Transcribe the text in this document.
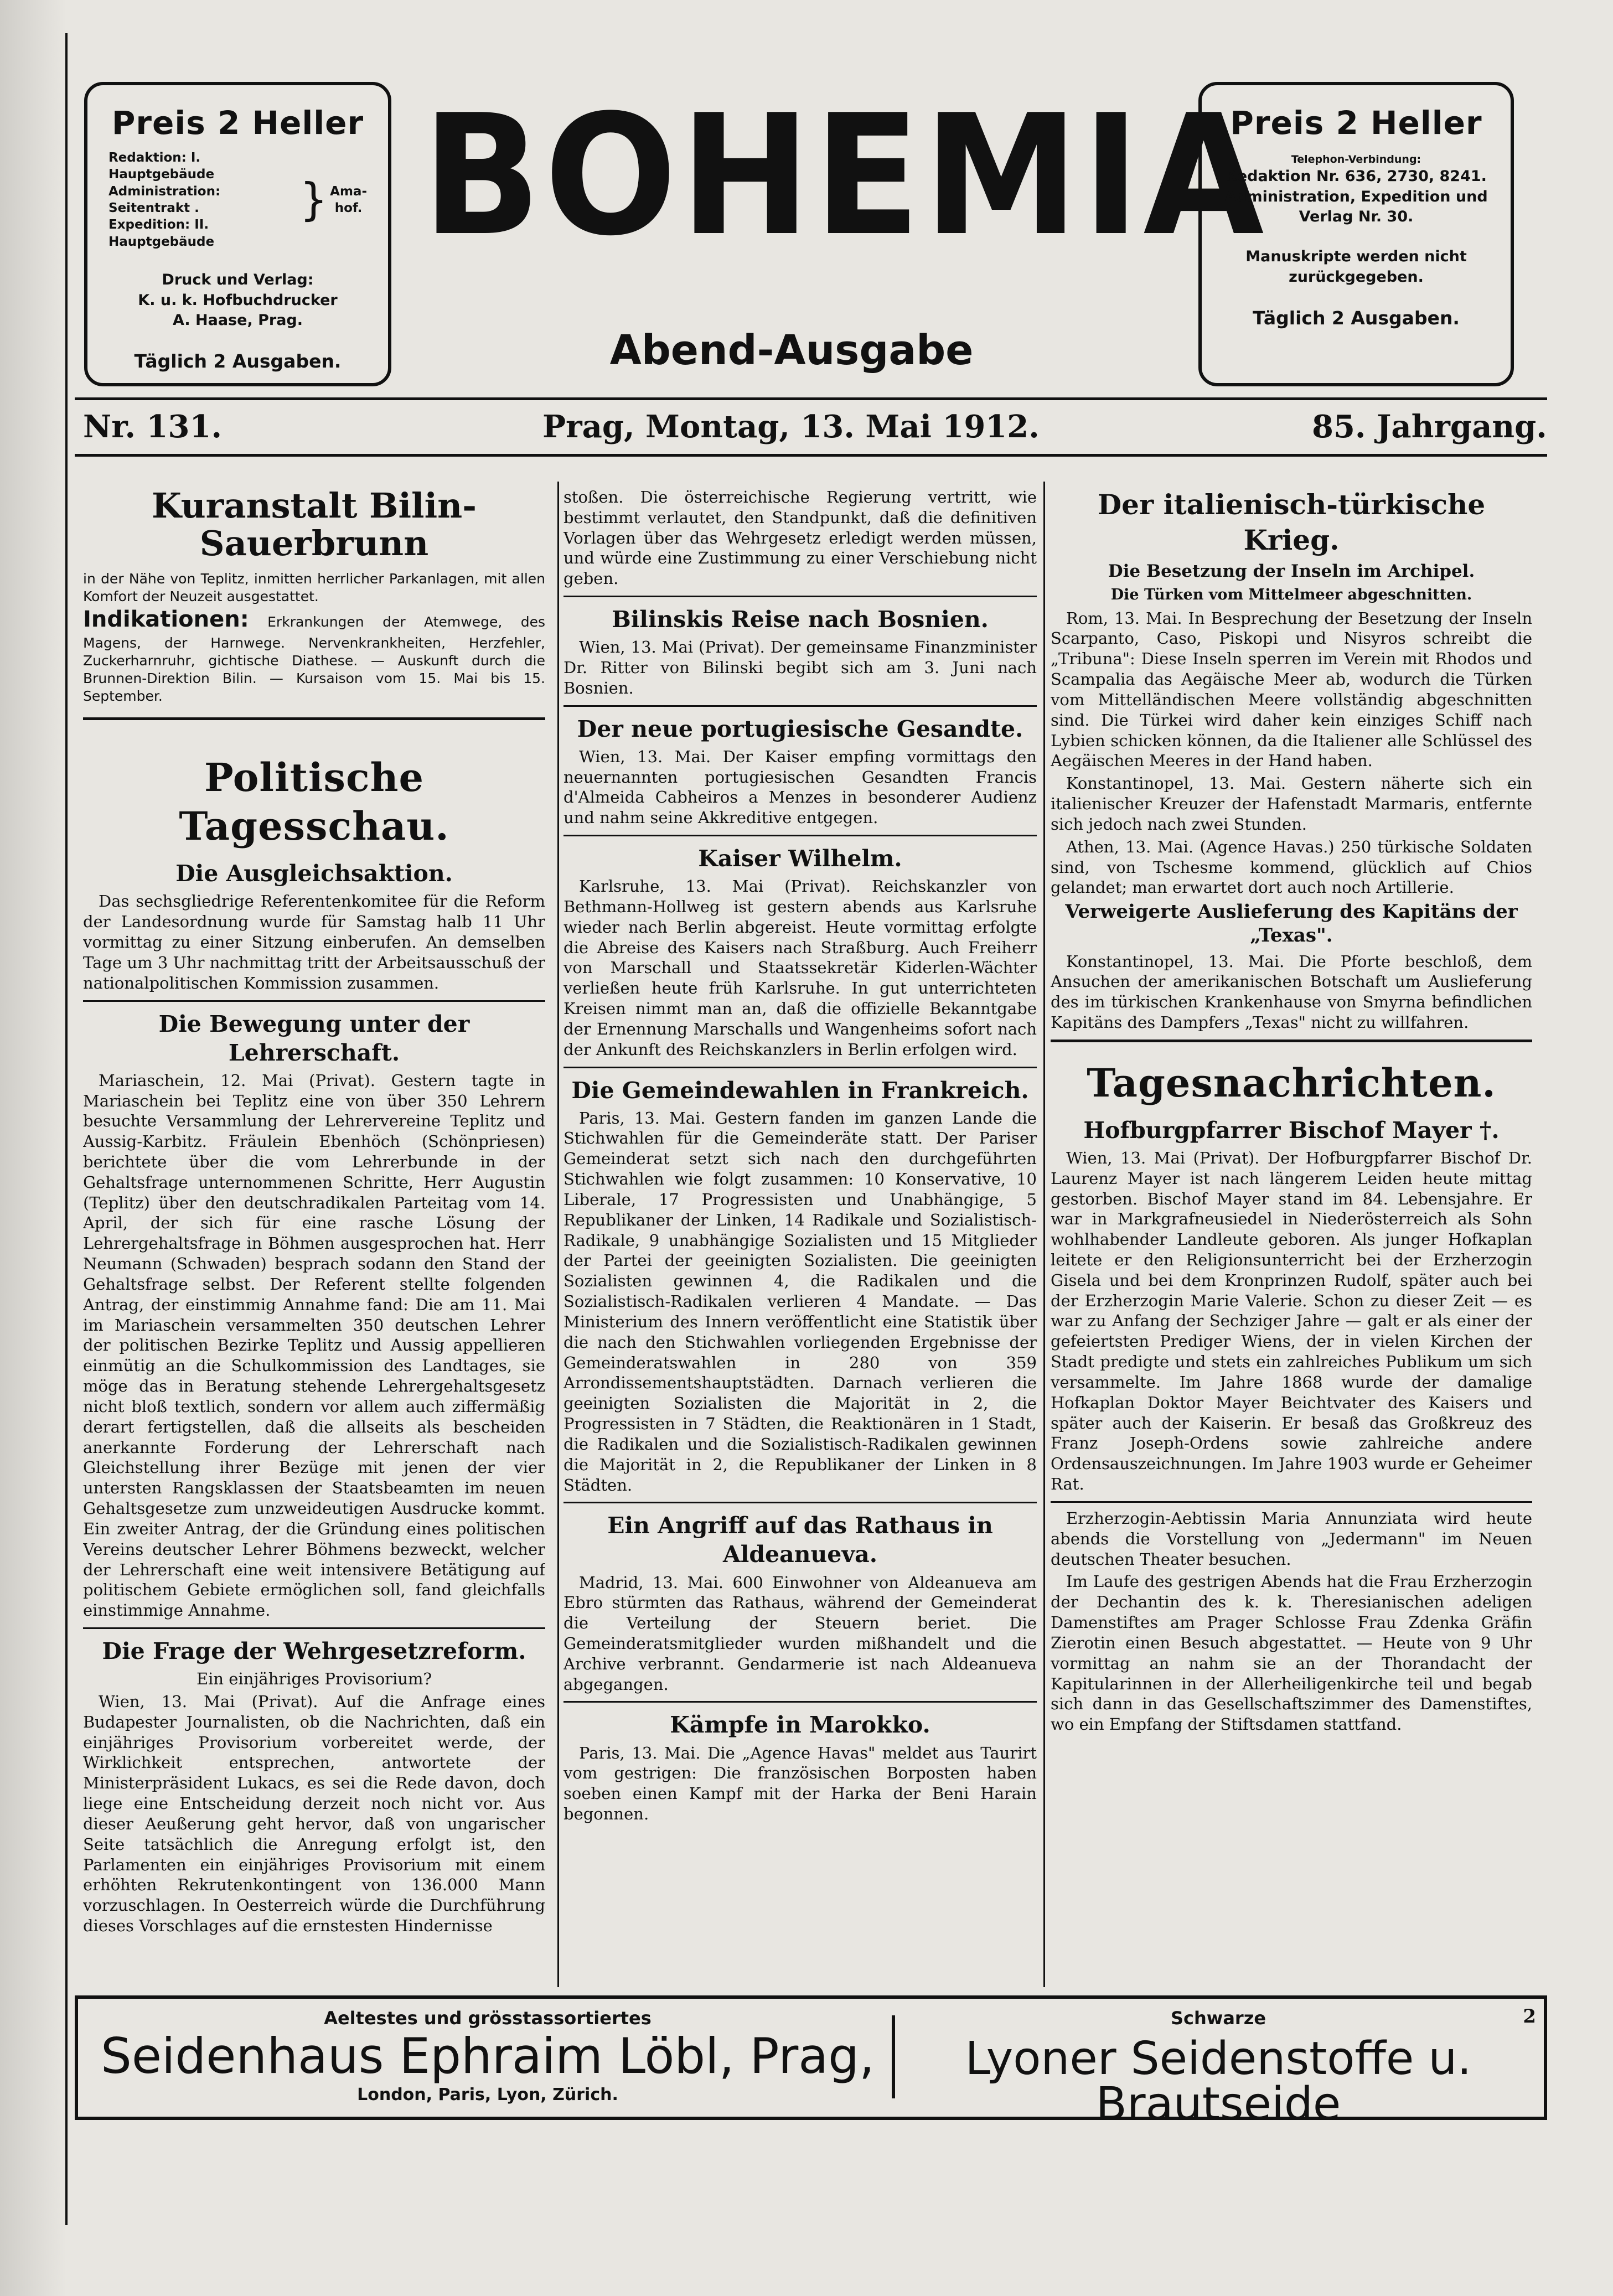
Preis 2 Heller
Redaktion: I. Hauptgebäude
Administration: Seitentrakt .
Expedition: II. Hauptgebäude
} Ama-hof.
Druck und Verlag:
K. u. k. Hofbuchdrucker
A. Haase, Prag.
Täglich 2 Ausgaben.
BOHEMIA
Abend-Ausgabe
Preis 2 Heller
Telephon-Verbindung:
Redaktion Nr. 636, 2730, 8241.
Administration, Expedition und
Verlag Nr. 30.
Manuskripte werden nicht
zurückgegeben.
Täglich 2 Ausgaben.
Nr. 131.	Prag, Montag, 13. Mai 1912.	85. Jahrgang.
Kuranstalt Bilin-Sauerbrunn
in der Nähe von Teplitz, inmitten herrlicher Parkanlagen, mit allen Komfort der Neuzeit ausgestattet.
Indikationen: Erkrankungen der Atemwege, des Magens, der Harnwege. Nervenkrankheiten, Herzfehler, Zuckerharnruhr, gichtische Diathese. — Auskunft durch die Brunnen-Direktion Bilin. — Kursaison vom 15. Mai bis 15. September.
Politische Tagesschau.
Die Ausgleichsaktion.

Das sechsgliedrige Referentenkomitee für die Reform der Landesordnung wurde für Samstag halb 11 Uhr vormittag zu einer Sitzung einberufen. An demselben Tage um 3 Uhr nachmittag tritt der Arbeitsausschuß der nationalpolitischen Kommission zusammen.

Die Bewegung unter der Lehrerschaft.

Mariaschein, 12. Mai (Privat). Gestern tagte in Mariaschein bei Teplitz eine von über 350 Lehrern besuchte Versammlung der Lehrervereine Teplitz und Aussig-Karbitz. Fräulein Ebenhöch (Schönpriesen) berichtete über die vom Lehrerbunde in der Gehaltsfrage unternommenen Schritte, Herr Augustin (Teplitz) über den deutschradikalen Parteitag vom 14. April, der sich für eine rasche Lösung der Lehrergehaltsfrage in Böhmen ausgesprochen hat. Herr Neumann (Schwaden) besprach sodann den Stand der Gehaltsfrage selbst. Der Referent stellte folgenden Antrag, der einstimmig Annahme fand: Die am 11. Mai im Mariaschein versammelten 350 deutschen Lehrer der politischen Bezirke Teplitz und Aussig appellieren einmütig an die Schulkommission des Landtages, sie möge das in Beratung stehende Lehrergehaltsgesetz nicht bloß textlich, sondern vor allem auch ziffermäßig derart fertigstellen, daß die allseits als bescheiden anerkannte Forderung der Lehrerschaft nach Gleichstellung ihrer Bezüge mit jenen der vier untersten Rangsklassen der Staatsbeamten im neuen Gehaltsgesetze zum unzweideutigen Ausdrucke kommt. Ein zweiter Antrag, der die Gründung eines politischen Vereins deutscher Lehrer Böhmens bezweckt, welcher der Lehrerschaft eine weit intensivere Betätigung auf politischem Gebiete ermöglichen soll, fand gleichfalls einstimmige Annahme.

Die Frage der Wehrgesetzreform.
Ein einjähriges Provisorium?

Wien, 13. Mai (Privat). Auf die Anfrage eines Budapester Journalisten, ob die Nachrichten, daß ein einjähriges Provisorium vorbereitet werde, der Wirklichkeit entsprechen, antwortete der Ministerpräsident Lukacs, es sei die Rede davon, doch liege eine Entscheidung derzeit noch nicht vor. Aus dieser Aeußerung geht hervor, daß von ungarischer Seite tatsächlich die Anregung erfolgt ist, den Parlamenten ein einjähriges Provisorium mit einem erhöhten Rekrutenkontingent von 136.000 Mann vorzuschlagen. In Oesterreich würde die Durchführung dieses Vorschlages auf die ernstesten Hindernisse

stoßen. Die österreichische Regierung vertritt, wie bestimmt verlautet, den Standpunkt, daß die definitiven Vorlagen über das Wehrgesetz erledigt werden müssen, und würde eine Zustimmung zu einer Verschiebung nicht geben.

Bilinskis Reise nach Bosnien.

Wien, 13. Mai (Privat). Der gemeinsame Finanzminister Dr. Ritter von Bilinski begibt sich am 3. Juni nach Bosnien.

Der neue portugiesische Gesandte.

Wien, 13. Mai. Der Kaiser empfing vormittags den neuernannten portugiesischen Gesandten Francis d'Almeida Cabheiros a Menzes in besonderer Audienz und nahm seine Akkreditive entgegen.

Kaiser Wilhelm.

Karlsruhe, 13. Mai (Privat). Reichskanzler von Bethmann-Hollweg ist gestern abends aus Karlsruhe wieder nach Berlin abgereist. Heute vormittag erfolgte die Abreise des Kaisers nach Straßburg. Auch Freiherr von Marschall und Staatssekretär Kiderlen-Wächter verließen heute früh Karlsruhe. In gut unterrichteten Kreisen nimmt man an, daß die offizielle Bekanntgabe der Ernennung Marschalls und Wangenheims sofort nach der Ankunft des Reichskanzlers in Berlin erfolgen wird.

Die Gemeindewahlen in Frankreich.

Paris, 13. Mai. Gestern fanden im ganzen Lande die Stichwahlen für die Gemeinderäte statt. Der Pariser Gemeinderat setzt sich nach den durchgeführten Stichwahlen wie folgt zusammen: 10 Konservative, 10 Liberale, 17 Progressisten und Unabhängige, 5 Republikaner der Linken, 14 Radikale und Sozialistisch-Radikale, 9 unabhängige Sozialisten und 15 Mitglieder der Partei der geeinigten Sozialisten. Die geeinigten Sozialisten gewinnen 4, die Radikalen und die Sozialistisch-Radikalen verlieren 4 Mandate. — Das Ministerium des Innern veröffentlicht eine Statistik über die nach den Stichwahlen vorliegenden Ergebnisse der Gemeinderatswahlen in 280 von 359 Arrondissementshauptstädten. Darnach verlieren die geeinigten Sozialisten die Majorität in 2, die Progressisten in 7 Städten, die Reaktionären in 1 Stadt, die Radikalen und die Sozialistisch-Radikalen gewinnen die Majorität in 2, die Republikaner der Linken in 8 Städten.

Ein Angriff auf das Rathaus in Aldeanueva.

Madrid, 13. Mai. 600 Einwohner von Aldeanueva am Ebro stürmten das Rathaus, während der Gemeinderat die Verteilung der Steuern beriet. Die Gemeinderatsmitglieder wurden mißhandelt und die Archive verbrannt. Gendarmerie ist nach Aldeanueva abgegangen.

Kämpfe in Marokko.

Paris, 13. Mai. Die „Agence Havas" meldet aus Taurirt vom gestrigen: Die französischen Borposten haben soeben einen Kampf mit der Harka der Beni Harain begonnen.

Der italienisch-türkische Krieg.
Die Besetzung der Inseln im Archipel.
Die Türken vom Mittelmeer abgeschnitten.

Rom, 13. Mai. In Besprechung der Besetzung der Inseln Scarpanto, Caso, Piskopi und Nisyros schreibt die „Tribuna": Diese Inseln sperren im Verein mit Rhodos und Scampalia das Aegäische Meer ab, wodurch die Türken vom Mittelländischen Meere vollständig abgeschnitten sind. Die Türkei wird daher kein einziges Schiff nach Lybien schicken können, da die Italiener alle Schlüssel des Aegäischen Meeres in der Hand haben.

Konstantinopel, 13. Mai. Gestern näherte sich ein italienischer Kreuzer der Hafenstadt Marmaris, entfernte sich jedoch nach zwei Stunden.

Athen, 13. Mai. (Agence Havas.) 250 türkische Soldaten sind, von Tschesme kommend, glücklich auf Chios gelandet; man erwartet dort auch noch Artillerie.

Verweigerte Auslieferung des Kapitäns der „Texas".

Konstantinopel, 13. Mai. Die Pforte beschloß, dem Ansuchen der amerikanischen Botschaft um Auslieferung des im türkischen Krankenhause von Smyrna befindlichen Kapitäns des Dampfers „Texas" nicht zu willfahren.

Tagesnachrichten.
Hofburgpfarrer Bischof Mayer †.

Wien, 13. Mai (Privat). Der Hofburgpfarrer Bischof Dr. Laurenz Mayer ist nach längerem Leiden heute mittag gestorben. Bischof Mayer stand im 84. Lebensjahre. Er war in Markgrafneusiedel in Niederösterreich als Sohn wohlhabender Landleute geboren. Als junger Hofkaplan leitete er den Religionsunterricht bei der Erzherzogin Gisela und bei dem Kronprinzen Rudolf, später auch bei der Erzherzogin Marie Valerie. Schon zu dieser Zeit — es war zu Anfang der Sechziger Jahre — galt er als einer der gefeiertsten Prediger Wiens, der in vielen Kirchen der Stadt predigte und stets ein zahlreiches Publikum um sich versammelte. Im Jahre 1868 wurde der damalige Hofkaplan Doktor Mayer Beichtvater des Kaisers und später auch der Kaiserin. Er besaß das Großkreuz des Franz Joseph-Ordens sowie zahlreiche andere Ordensauszeichnungen. Im Jahre 1903 wurde er Geheimer Rat.

Erzherzogin-Aebtissin Maria Annunziata wird heute abends die Vorstellung von „Jedermann" im Neuen deutschen Theater besuchen.

Im Laufe des gestrigen Abends hat die Frau Erzherzogin der Dechantin des k. k. Theresianischen adeligen Damenstiftes am Prager Schlosse Frau Zdenka Gräfin Zierotin einen Besuch abgestattet. — Heute von 9 Uhr vormittag an nahm sie an der Thorandacht der Kapitularinnen in der Allerheiligenkirche teil und begab sich dann in das Gesellschaftszimmer des Damenstiftes, wo ein Empfang der Stiftsdamen stattfand.

Aeltestes und grösstassortiertes
Seidenhaus Ephraim Löbl, Prag,
London, Paris, Lyon, Zürich.
Schwarze
Lyoner Seidenstoffe u. Brautseide
2
